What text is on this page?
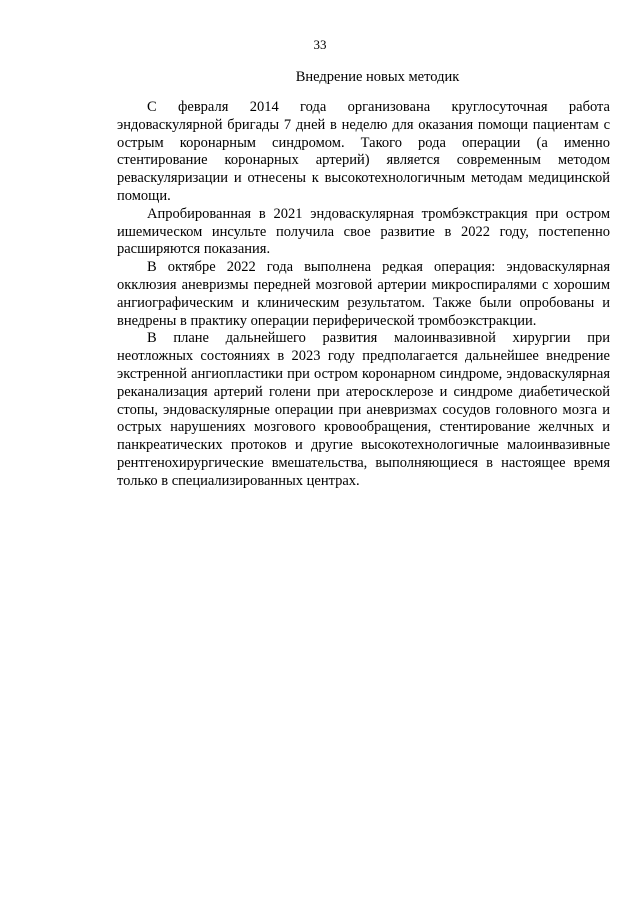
33
Внедрение новых методик

С февраля 2014 года организована круглосуточная работа эндоваскулярной бригады 7 дней в неделю для оказания помощи пациентам с острым коронарным синдромом. Такого рода операции (а именно стентирование коронарных артерий) является современным методом реваскуляризации и отнесены к высокотехнологичным методам медицинской помощи.

Апробированная в 2021 эндоваскулярная тромбэкстракция при остром ишемическом инсульте получила свое развитие в 2022 году, постепенно расширяются показания.

В октябре 2022 года выполнена редкая операция: эндоваскулярная окклюзия аневризмы передней мозговой артерии микроспиралями с хорошим ангиографическим и клиническим результатом. Также были опробованы и внедрены в практику операции периферической тромбоэкстракции.

В плане дальнейшего развития малоинвазивной хирургии при неотложных состояниях в 2023 году предполагается дальнейшее внедрение экстренной ангиопластики при остром коронарном синдроме, эндоваскулярная реканализация артерий голени при атеросклерозе и синдроме диабетической стопы, эндоваскулярные операции при аневризмах сосудов головного мозга и острых нарушениях мозгового кровообращения, стентирование желчных и панкреатических протоков и другие высокотехнологичные малоинвазивные рентгенохирургические вмешательства, выполняющиеся в настоящее время только в специализированных центрах.
